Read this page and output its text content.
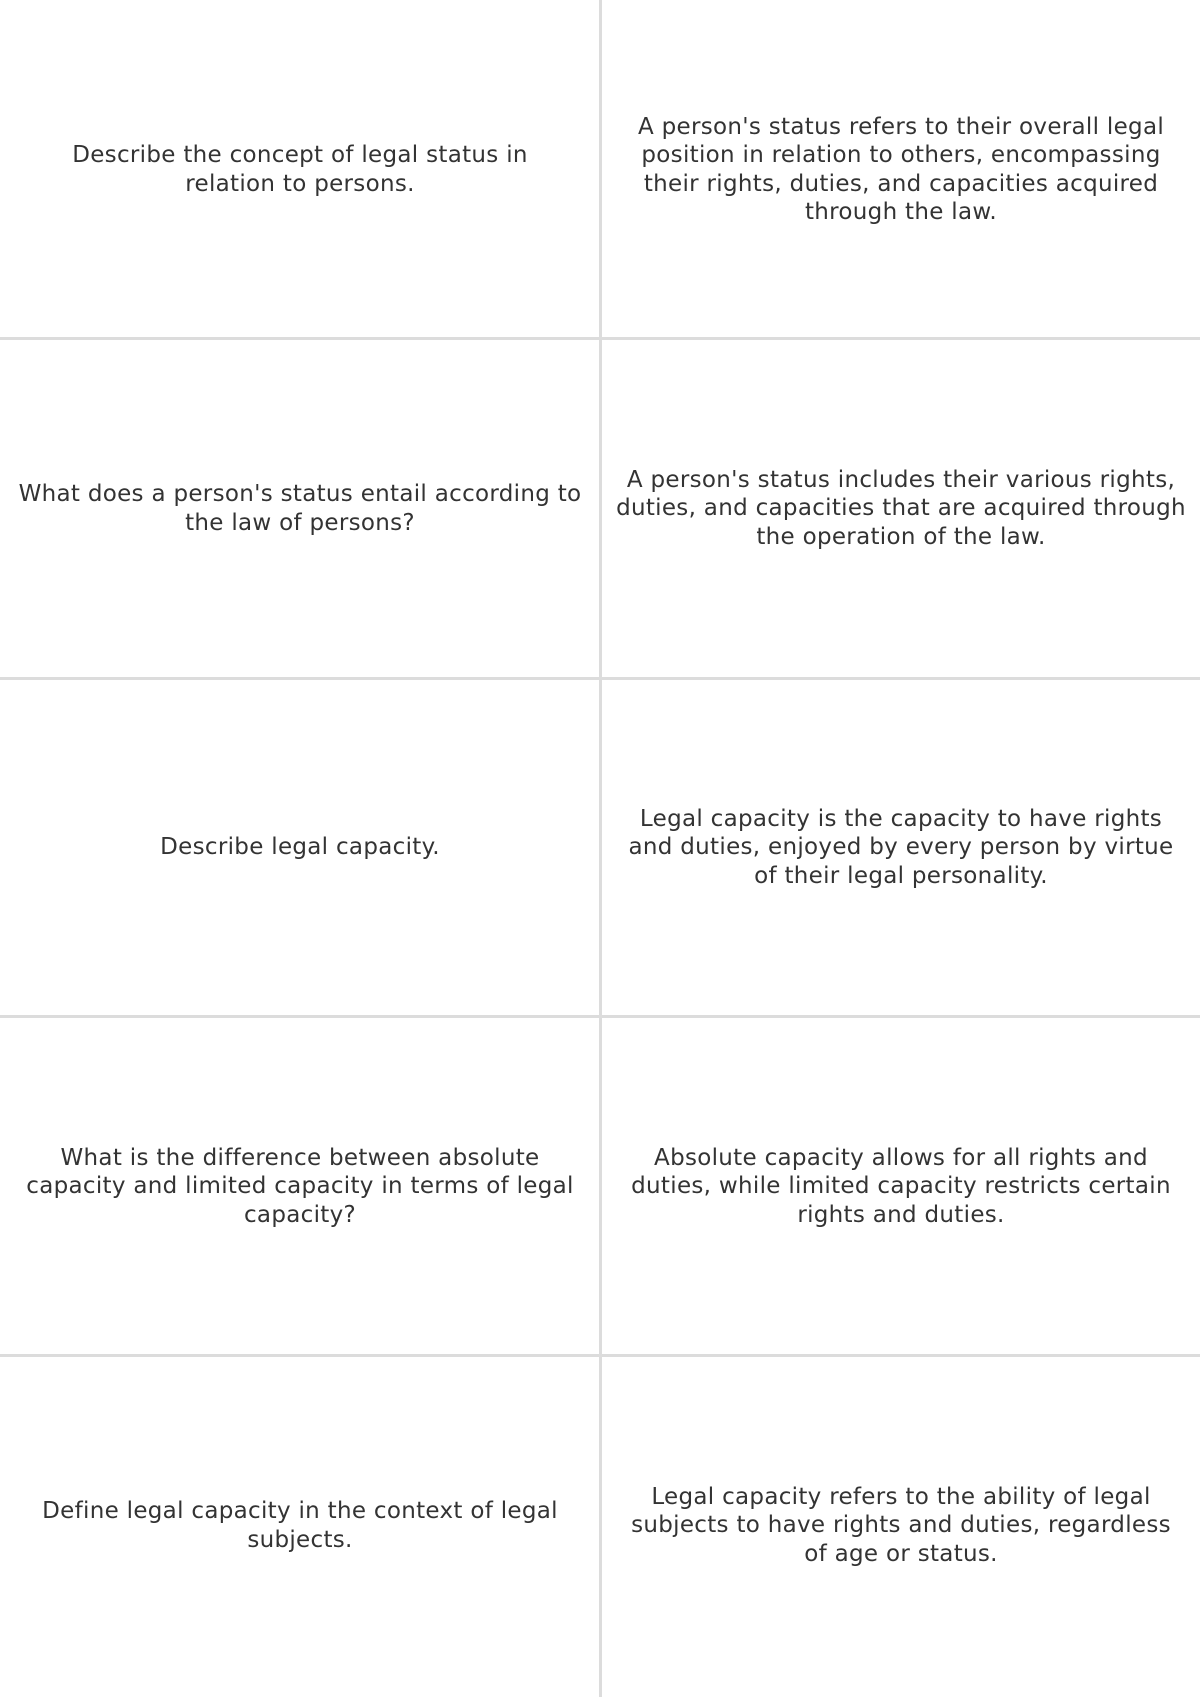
Describe the concept of legal status in relation to persons.
A person's status refers to their overall legal position in relation to others, encompassing their rights, duties, and capacities acquired through the law.
What does a person's status entail according to the law of persons?
A person's status includes their various rights, duties, and capacities that are acquired through the operation of the law.
Describe legal capacity.
Legal capacity is the capacity to have rights and duties, enjoyed by every person by virtue of their legal personality.
What is the difference between absolute capacity and limited capacity in terms of legal capacity?
Absolute capacity allows for all rights and duties, while limited capacity restricts certain rights and duties.
Define legal capacity in the context of legal subjects.
Legal capacity refers to the ability of legal subjects to have rights and duties, regardless of age or status.
